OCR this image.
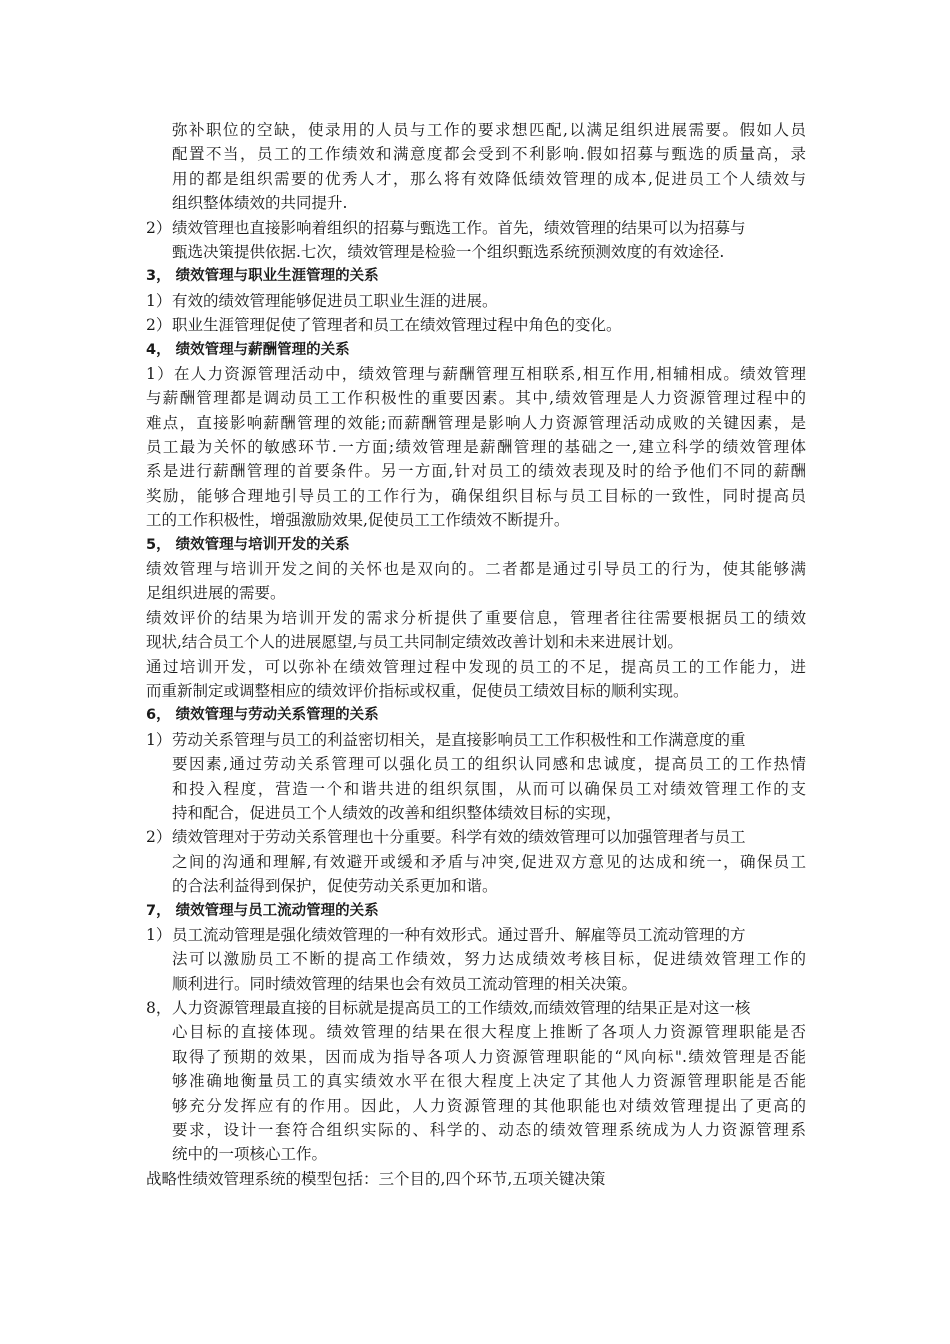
弥补职位的空缺，使录用的人员与工作的要求想匹配,以满足组织进展需要。假如人员
配置不当，员工的工作绩效和满意度都会受到不利影响.假如招募与甄选的质量高，录
用的都是组织需要的优秀人才，那么将有效降低绩效管理的成本,促进员工个人绩效与
组织整体绩效的共同提升.
2）绩效管理也直接影响着组织的招募与甄选工作。首先，绩效管理的结果可以为招募与
甄选决策提供依据.七次，绩效管理是检验一个组织甄选系统预测效度的有效途径.
3， 绩效管理与职业生涯管理的关系
1）有效的绩效管理能够促进员工职业生涯的进展。
2）职业生涯管理促使了管理者和员工在绩效管理过程中角色的变化。
4， 绩效管理与薪酬管理的关系
1）在人力资源管理活动中，绩效管理与薪酬管理互相联系,相互作用,相辅相成。绩效管理
与薪酬管理都是调动员工工作积极性的重要因素。其中,绩效管理是人力资源管理过程中的
难点，直接影响薪酬管理的效能;而薪酬管理是影响人力资源管理活动成败的关键因素，是
员工最为关怀的敏感环节.一方面;绩效管理是薪酬管理的基础之一,建立科学的绩效管理体
系是进行薪酬管理的首要条件。另一方面,针对员工的绩效表现及时的给予他们不同的薪酬
奖励，能够合理地引导员工的工作行为，确保组织目标与员工目标的一致性，同时提高员
工的工作积极性，增强激励效果,促使员工工作绩效不断提升。
5， 绩效管理与培训开发的关系
绩效管理与培训开发之间的关怀也是双向的。二者都是通过引导员工的行为，使其能够满
足组织进展的需要。
绩效评价的结果为培训开发的需求分析提供了重要信息，管理者往往需要根据员工的绩效
现状,结合员工个人的进展愿望,与员工共同制定绩效改善计划和未来进展计划。
通过培训开发，可以弥补在绩效管理过程中发现的员工的不足，提高员工的工作能力，进
而重新制定或调整相应的绩效评价指标或权重，促使员工绩效目标的顺利实现。
6， 绩效管理与劳动关系管理的关系
1）劳动关系管理与员工的利益密切相关，是直接影响员工工作积极性和工作满意度的重
要因素,通过劳动关系管理可以强化员工的组织认同感和忠诚度，提高员工的工作热情
和投入程度，营造一个和谐共进的组织氛围，从而可以确保员工对绩效管理工作的支
持和配合，促进员工个人绩效的改善和组织整体绩效目标的实现，
2）绩效管理对于劳动关系管理也十分重要。科学有效的绩效管理可以加强管理者与员工
之间的沟通和理解,有效避开或缓和矛盾与冲突,促进双方意见的达成和统一，确保员工
的合法利益得到保护，促使劳动关系更加和谐。
7， 绩效管理与员工流动管理的关系
1）员工流动管理是强化绩效管理的一种有效形式。通过晋升、解雇等员工流动管理的方
法可以激励员工不断的提高工作绩效，努力达成绩效考核目标，促进绩效管理工作的
顺利进行。同时绩效管理的结果也会有效员工流动管理的相关决策。
8，人力资源管理最直接的目标就是提高员工的工作绩效,而绩效管理的结果正是对这一核
心目标的直接体现。绩效管理的结果在很大程度上推断了各项人力资源管理职能是否
取得了预期的效果，因而成为指导各项人力资源管理职能的“风向标".绩效管理是否能
够准确地衡量员工的真实绩效水平在很大程度上决定了其他人力资源管理职能是否能
够充分发挥应有的作用。因此，人力资源管理的其他职能也对绩效管理提出了更高的
要求，设计一套符合组织实际的、科学的、动态的绩效管理系统成为人力资源管理系
统中的一项核心工作。
战略性绩效管理系统的模型包括：三个目的,四个环节,五项关键决策
